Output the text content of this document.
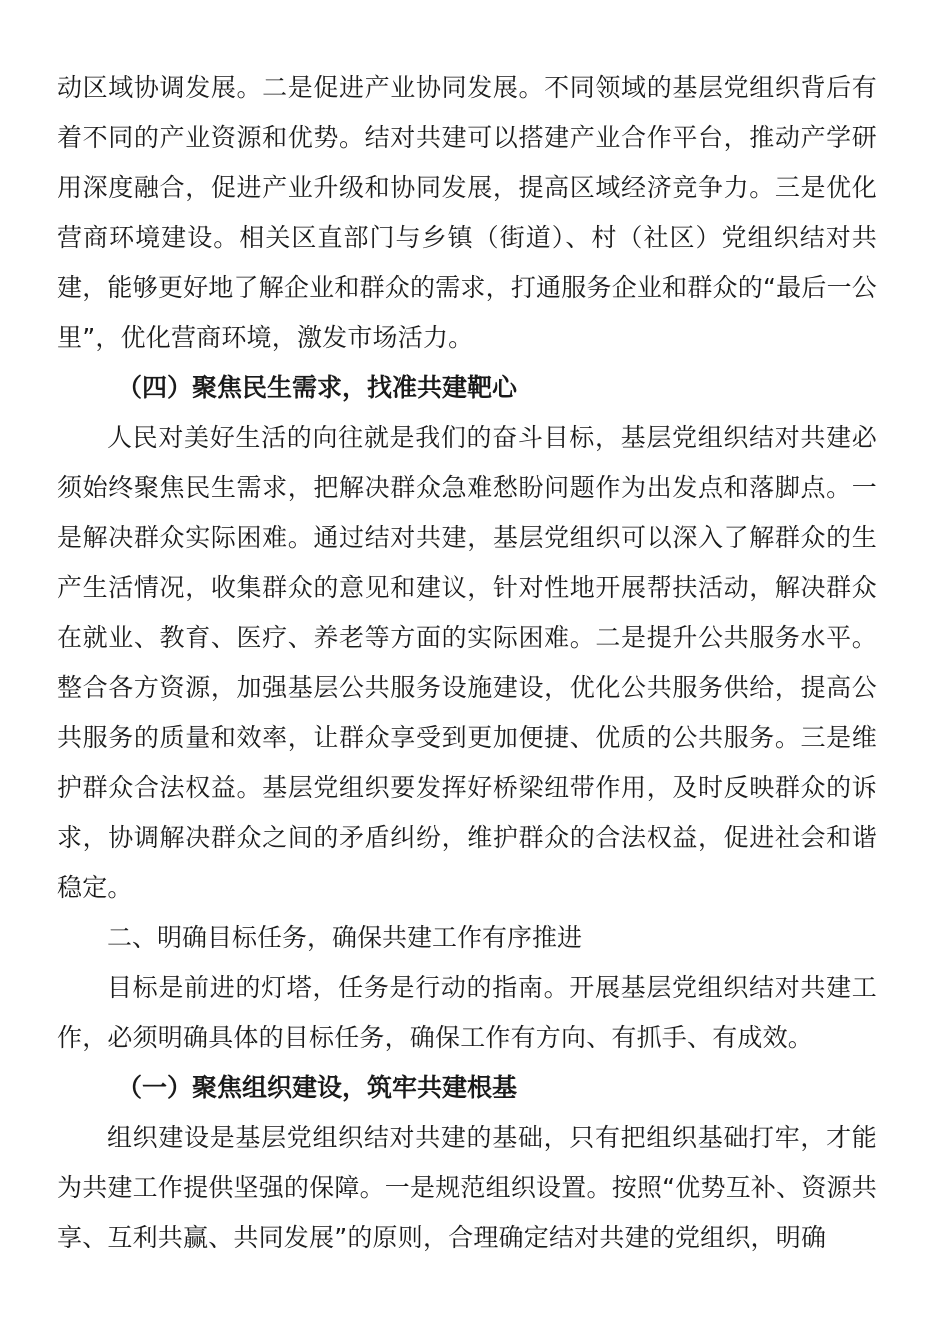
动区域协调发展。二是促进产业协同发展。不同领域的基层党组织背后有着不同的产业资源和优势。结对共建可以搭建产业合作平台，推动产学研用深度融合，促进产业升级和协同发展，提高区域经济竞争力。三是优化营商环境建设。相关区直部门与乡镇（街道）、村（社区）党组织结对共建，能够更好地了解企业和群众的需求，打通服务企业和群众的“最后一公里”，优化营商环境，激发市场活力。

（四）聚焦民生需求，找准共建靶心

人民对美好生活的向往就是我们的奋斗目标，基层党组织结对共建必须始终聚焦民生需求，把解决群众急难愁盼问题作为出发点和落脚点。一是解决群众实际困难。通过结对共建，基层党组织可以深入了解群众的生产生活情况，收集群众的意见和建议，针对性地开展帮扶活动，解决群众在就业、教育、医疗、养老等方面的实际困难。二是提升公共服务水平。整合各方资源，加强基层公共服务设施建设，优化公共服务供给，提高公共服务的质量和效率，让群众享受到更加便捷、优质的公共服务。三是维护群众合法权益。基层党组织要发挥好桥梁纽带作用，及时反映群众的诉求，协调解决群众之间的矛盾纠纷，维护群众的合法权益，促进社会和谐稳定。

二、明确目标任务，确保共建工作有序推进

目标是前进的灯塔，任务是行动的指南。开展基层党组织结对共建工作，必须明确具体的目标任务，确保工作有方向、有抓手、有成效。

（一）聚焦组织建设，筑牢共建根基

组织建设是基层党组织结对共建的基础，只有把组织基础打牢，才能为共建工作提供坚强的保障。一是规范组织设置。按照“优势互补、资源共享、互利共赢、共同发展”的原则，合理确定结对共建的党组织，明确
